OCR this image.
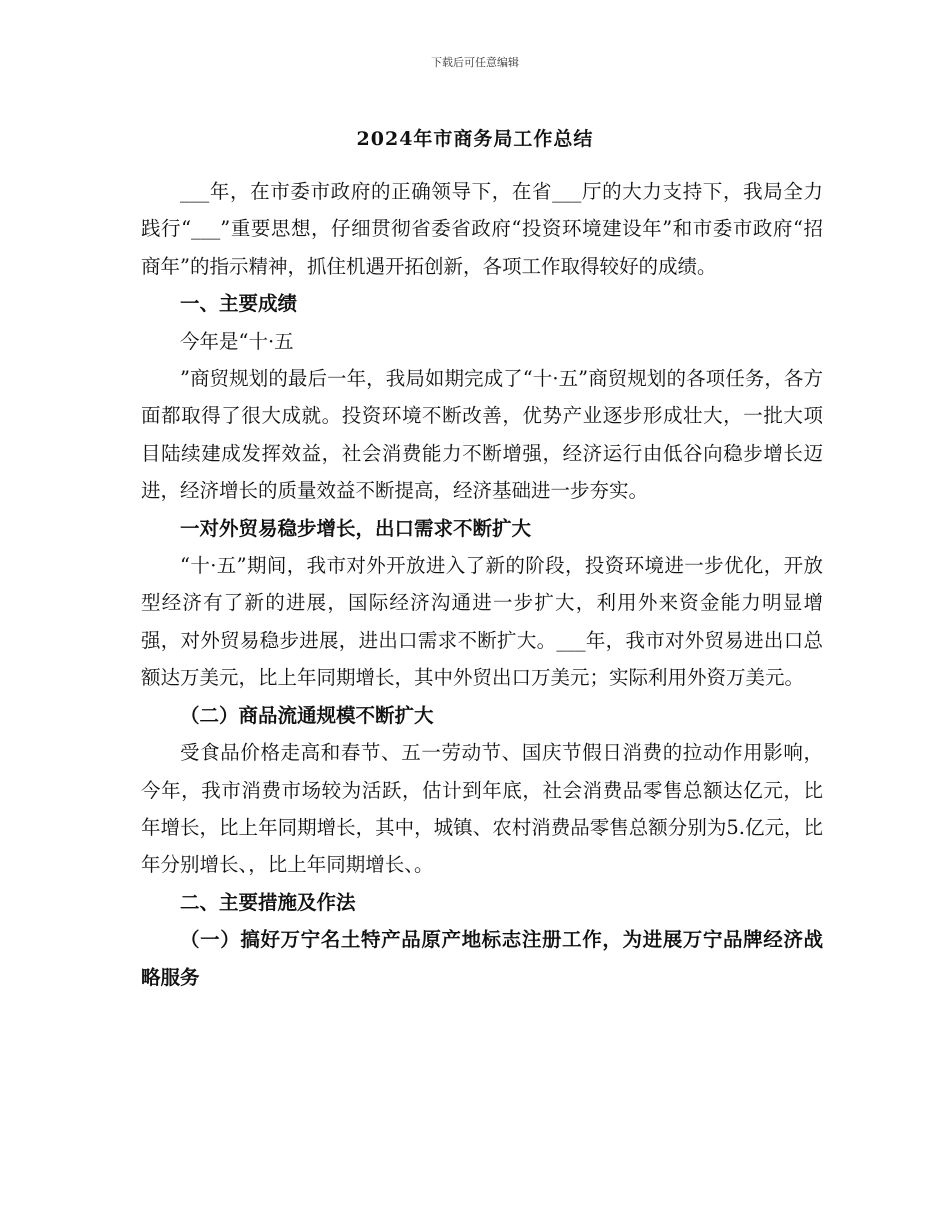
下载后可任意编辑
2024年市商务局工作总结

___年，在市委市政府的正确领导下，在省___厅的大力支持下，我局全力践行“___”重要思想，仔细贯彻省委省政府“投资环境建设年”和市委市政府“招商年”的指示精神，抓住机遇开拓创新，各项工作取得较好的成绩。

一、主要成绩

今年是“十·五

”商贸规划的最后一年，我局如期完成了“十·五”商贸规划的各项任务，各方面都取得了很大成就。投资环境不断改善，优势产业逐步形成壮大，一批大项目陆续建成发挥效益，社会消费能力不断增强，经济运行由低谷向稳步增长迈进，经济增长的质量效益不断提高，经济基础进一步夯实。

一对外贸易稳步增长，出口需求不断扩大

“十·五”期间，我市对外开放进入了新的阶段，投资环境进一步优化，开放型经济有了新的进展，国际经济沟通进一步扩大，利用外来资金能力明显增强，对外贸易稳步进展，进出口需求不断扩大。___年，我市对外贸易进出口总额达万美元，比上年同期增长，其中外贸出口万美元；实际利用外资万美元。

（二）商品流通规模不断扩大

受食品价格走高和春节、五一劳动节、国庆节假日消费的拉动作用影响，今年，我市消费市场较为活跃，估计到年底，社会消费品零售总额达亿元，比年增长，比上年同期增长，其中，城镇、农村消费品零售总额分别为5.亿元，比年分别增长、，比上年同期增长、。

二、主要措施及作法

（一）搞好万宁名土特产品原产地标志注册工作，为进展万宁品牌经济战略服务
